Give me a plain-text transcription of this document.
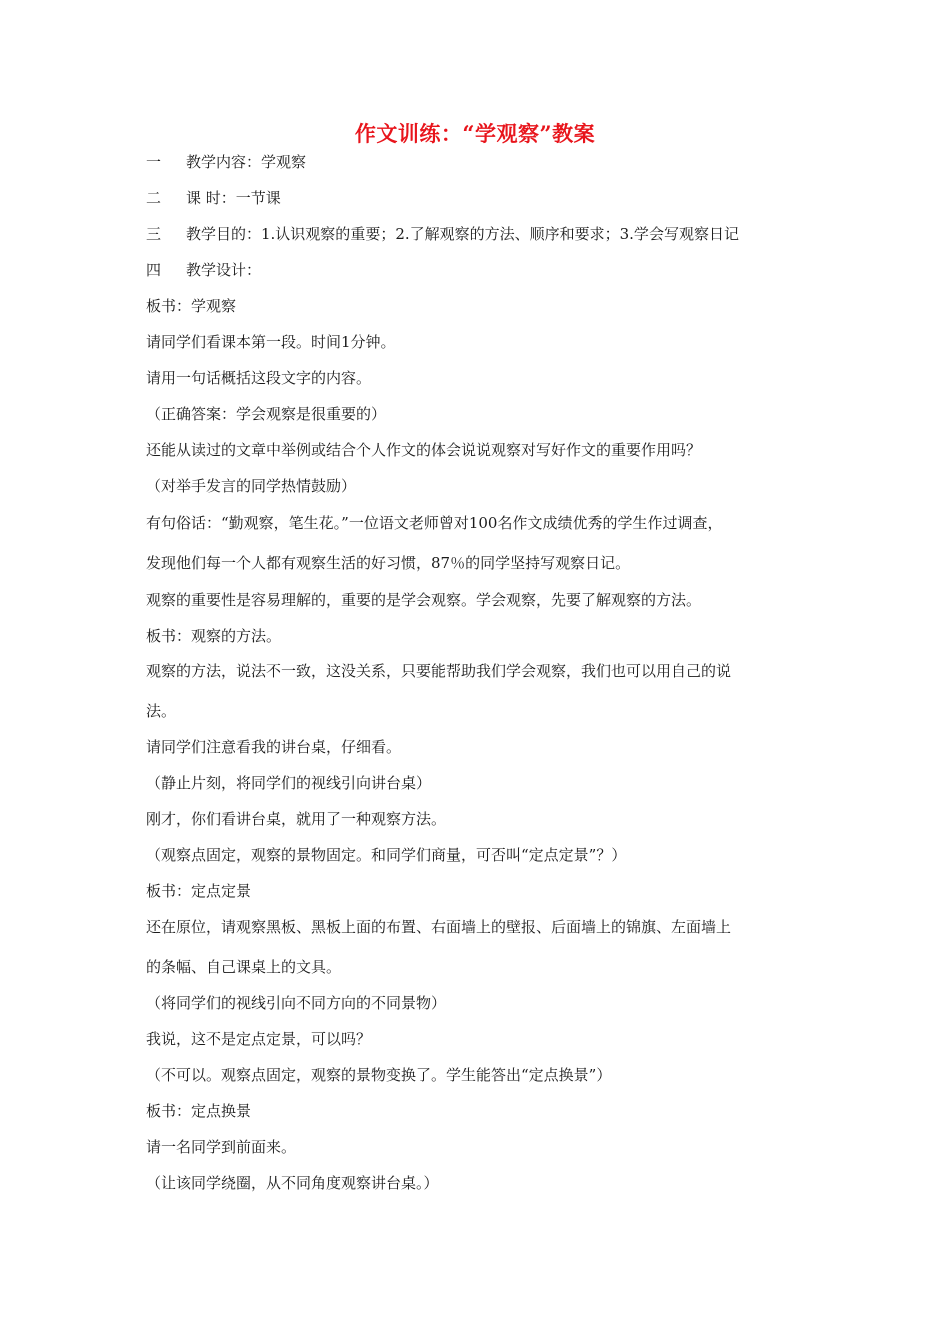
作文训练：“学观察”教案
一 教学内容：学观察
二 课 时：一节课
三 教学目的：1.认识观察的重要；2.了解观察的方法、顺序和要求；3.学会写观察日记
四 教学设计：
板书：学观察
请同学们看课本第一段。时间1分钟。
请用一句话概括这段文字的内容。
（正确答案：学会观察是很重要的）
还能从读过的文章中举例或结合个人作文的体会说说观察对写好作文的重要作用吗？
（对举手发言的同学热情鼓励）
有句俗话：“勤观察，笔生花。”一位语文老师曾对100名作文成绩优秀的学生作过调查，
发现他们每一个人都有观察生活的好习惯，87％的同学坚持写观察日记。
观察的重要性是容易理解的，重要的是学会观察。学会观察，先要了解观察的方法。
板书：观察的方法。
观察的方法，说法不一致，这没关系，只要能帮助我们学会观察，我们也可以用自己的说
法。
请同学们注意看我的讲台桌，仔细看。
（静止片刻，将同学们的视线引向讲台桌）
刚才，你们看讲台桌，就用了一种观察方法。
（观察点固定，观察的景物固定。和同学们商量，可否叫“定点定景”？）
板书：定点定景
还在原位，请观察黑板、黑板上面的布置、右面墙上的壁报、后面墙上的锦旗、左面墙上
的条幅、自己课桌上的文具。
（将同学们的视线引向不同方向的不同景物）
我说，这不是定点定景，可以吗？
（不可以。观察点固定，观察的景物变换了。学生能答出“定点换景”）
板书：定点换景
请一名同学到前面来。
（让该同学绕圈，从不同角度观察讲台桌。）
